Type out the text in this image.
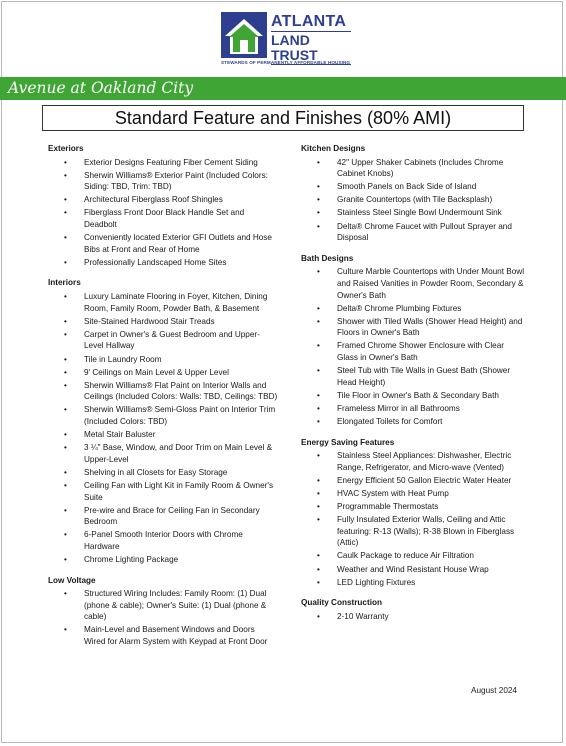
ATLANTA
LAND TRUST
STEWARDS OF PERMANENTLY AFFORDABLE HOUSING
Avenue at Oakland City
Standard Feature and Finishes (80% AMI)
Exteriors
• Exterior Designs Featuring Fiber Cement Siding
• Sherwin Williams® Exterior Paint (Included Colors: Siding: TBD, Trim: TBD)
• Architectural Fiberglass Roof Shingles
• Fiberglass Front Door Black Handle Set and Deadbolt
• Conveniently located Exterior GFI Outlets and Hose Bibs at Front and Rear of Home
• Professionally Landscaped Home Sites
Interiors
• Luxury Laminate Flooring in Foyer, Kitchen, Dining Room, Family Room, Powder Bath, & Basement
• Site-Stained Hardwood Stair Treads
• Carpet in Owner's & Guest Bedroom and Upper-Level Hallway
• Tile in Laundry Room
• 9' Ceilings on Main Level & Upper Level
• Sherwin Williams® Flat Paint on Interior Walls and Ceilings (Included Colors: Walls: TBD, Ceilings: TBD)
• Sherwin Williams® Semi-Gloss Paint on Interior Trim (Included Colors: TBD)
• Metal Stair Baluster
• 3 ¼" Base, Window, and Door Trim on Main Level & Upper-Level
• Shelving in all Closets for Easy Storage
• Ceiling Fan with Light Kit in Family Room & Owner's Suite
• Pre-wire and Brace for Ceiling Fan in Secondary Bedroom
• 6-Panel Smooth Interior Doors with Chrome Hardware
• Chrome Lighting Package
Low Voltage
• Structured Wiring Includes: Family Room: (1) Dual (phone & cable); Owner's Suite: (1) Dual (phone & cable)
• Main-Level and Basement Windows and Doors Wired for Alarm System with Keypad at Front Door
Kitchen Designs
• 42" Upper Shaker Cabinets (Includes Chrome Cabinet Knobs)
• Smooth Panels on Back Side of Island
• Granite Countertops (with Tile Backsplash)
• Stainless Steel Single Bowl Undermount Sink
• Delta® Chrome Faucet with Pullout Sprayer and Disposal
Bath Designs
• Culture Marble Countertops with Under Mount Bowl and Raised Vanities in Powder Room, Secondary & Owner's Bath
• Delta® Chrome Plumbing Fixtures
• Shower with Tiled Walls (Shower Head Height) and Floors in Owner's Bath
• Framed Chrome Shower Enclosure with Clear Glass in Owner's Bath
• Steel Tub with Tile Walls in Guest Bath (Shower Head Height)
• Tile Floor in Owner's Bath & Secondary Bath
• Frameless Mirror in all Bathrooms
• Elongated Toilets for Comfort
Energy Saving Features
• Stainless Steel Appliances: Dishwasher, Electric Range, Refrigerator, and Micro-wave (Vented)
• Energy Efficient 50 Gallon Electric Water Heater
• HVAC System with Heat Pump
• Programmable Thermostats
• Fully Insulated Exterior Walls, Ceiling and Attic featuring: R-13 (Walls); R-38 Blown in Fiberglass (Attic)
• Caulk Package to reduce Air Filtration
• Weather and Wind Resistant House Wrap
• LED Lighting Fixtures
Quality Construction
• 2-10 Warranty
August 2024
